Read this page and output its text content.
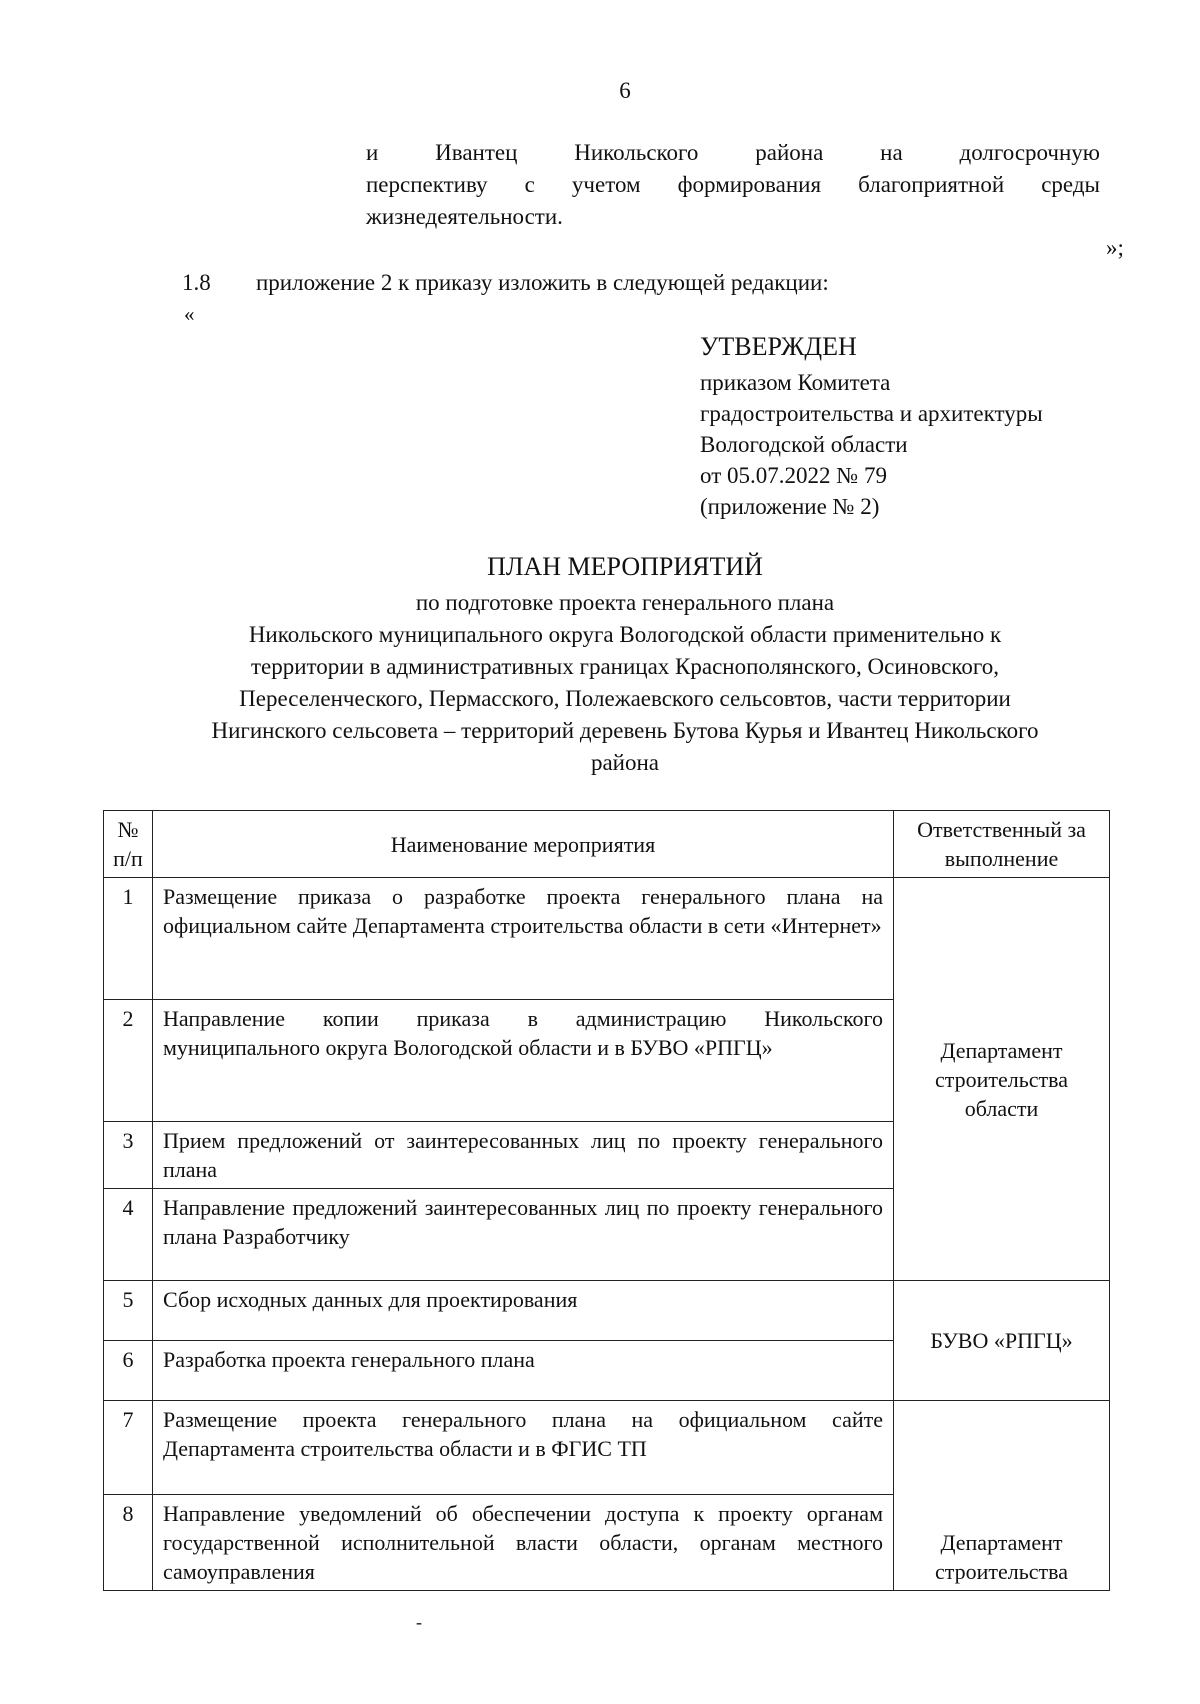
6
и Ивантец Никольского района на долгосрочную
перспективу с учетом формирования благоприятной среды
жизнедеятельности.
»;
1.8 приложение 2 к приказу изложить в следующей редакции:
«
УТВЕРЖДЕН
приказом Комитета
градостроительства и архитектуры
Вологодской области
от 05.07.2022 № 79
(приложение № 2)
ПЛАН МЕРОПРИЯТИЙ
по подготовке проекта генерального плана
Никольского муниципального округа Вологодской области применительно к
территории в административных границах Краснополянского, Осиновского,
Переселенческого, Пермасского, Полежаевского сельсовтов, части территории
Нигинского сельсовета – территорий деревень Бутова Курья и Ивантец Никольского
района
№ п/п	Наименование мероприятия	Ответственный за выполнение
1	Размещение приказа о разработке проекта генерального плана на официальном сайте Департамента строительства области в сети «Интернет»	Департамент строительства области
2	Направление копии приказа в администрацию Никольского муниципального округа Вологодской области и в БУВО «РПГЦ»	
3	Прием предложений от заинтересованных лиц по проекту генерального плана	
4	Направление предложений заинтересованных лиц по проекту генерального плана Разработчику	
5	Сбор исходных данных для проектирования	БУВО «РПГЦ»
6	Разработка проекта генерального плана	
7	Размещение проекта генерального плана на официальном сайте Департамента строительства области и в ФГИС ТП	Департамент строительства
8	Направление уведомлений об обеспечении доступа к проекту органам государственной исполнительной власти области, органам местного самоуправления	
-
